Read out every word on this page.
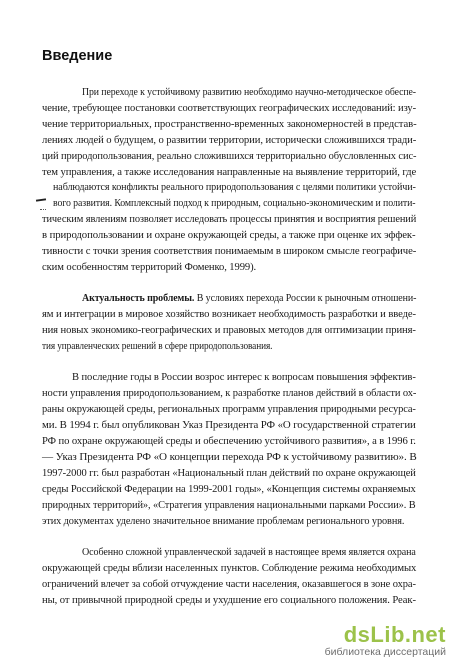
Введение
При переходе к устойчивому развитию необходимо научно-методическое обеспе-
чение, требующее постановки соответствующих географических исследований: изу-
чение территориальных, пространственно-временных закономерностей в представ-
лениях людей о будущем, о развитии территории, исторически сложившихся тради-
ций природопользования, реально сложившихся территориально обусловленных сис-
тем управления, а также исследования направленные на выявление территорий, где
наблюдаются конфликты реального природопользования с целями политики устойчи-
вого развития. Комплексный подход к природным, социально-экономическим и полити-
тическим явлениям позволяет исследовать процессы принятия и восприятия решений
в природопользовании и охране окружающей среды, а также при оценке их эффек-
тивности с точки зрения соответствия понимаемым в широком смысле географиче-
ским особенностям территорий Фоменко, 1999).
Актуальность проблемы. В условиях перехода России к рыночным отношени-
ям и интеграции в мировое хозяйство возникает необходимость разработки и введе-
ния новых экономико-географических и правовых методов для оптимизации приня-
тия управленческих решений в сфере природопользования.
В последние годы в России возрос интерес к вопросам повышения эффектив-
ности управления природопользованием, к разработке планов действий в области ох-
раны окружающей среды, региональных программ управления природными ресурса-
ми. В 1994 г. был опубликован Указ Президента РФ «О государственной стратегии
РФ по охране окружающей среды и обеспечению устойчивого развития», а в 1996 г.
— Указ Президента РФ «О концепции перехода РФ к устойчивому развитию». В
1997-2000 гг. был разработан «Национальный план действий по охране окружающей
среды Российской Федерации на 1999-2001 годы», «Концепция системы охраняемых
природных территорий», «Стратегия управления национальными парками России». В
этих документах уделено значительное внимание проблемам регионального уровня.
Особенно сложной управленческой задачей в настоящее время является охрана
окружающей среды вблизи населенных пунктов. Соблюдение режима необходимых
ограничений влечет за собой отчуждение части населения, оказавшегося в зоне охра-
ны, от привычной природной среды и ухудшение его социального положения. Реак-
dsLib.net
библиотека диссертаций
